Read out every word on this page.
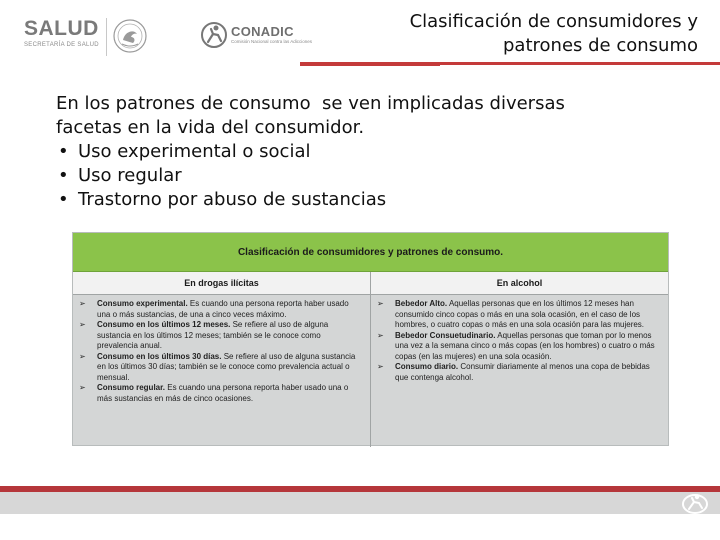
SALUD
SECRETARÍA DE SALUD
CONADIC
Comisión Nacional contra las Adicciones
Clasificación de consumidores y
patrones de consumo
En los patrones de consumo  se ven implicadas diversas
facetas en la vida del consumidor.
• Uso experimental o social
• Uso regular
• Trastorno por abuso de sustancias
Clasificación de consumidores y patrones de consumo.
En drogas ilícitas	En alcohol
➢ Consumo experimental. Es cuando una persona reporta haber usado una o más sustancias, de una a cinco veces máximo.
➢ Consumo en los últimos 12 meses. Se refiere al uso de alguna sustancia en los últimos 12 meses; también se le conoce como prevalencia anual.
➢ Consumo en los últimos 30 días. Se refiere al uso de alguna sustancia en los últimos 30 días; también se le conoce como prevalencia actual o mensual.
➢ Consumo regular. Es cuando una persona reporta haber usado una o más sustancias en más de cinco ocasiones.
➢ Bebedor Alto. Aquellas personas que en los últimos 12 meses han consumido cinco copas o más en una sola ocasión, en el caso de los hombres, o cuatro copas o más en una sola ocasión para las mujeres.
➢ Bebedor Consuetudinario. Aquellas personas que toman por lo menos una vez a la semana cinco o más copas (en los hombres) o cuatro o más copas (en las mujeres) en una sola ocasión.
➢ Consumo diario. Consumir diariamente al menos una copa de bebidas que contenga alcohol.
